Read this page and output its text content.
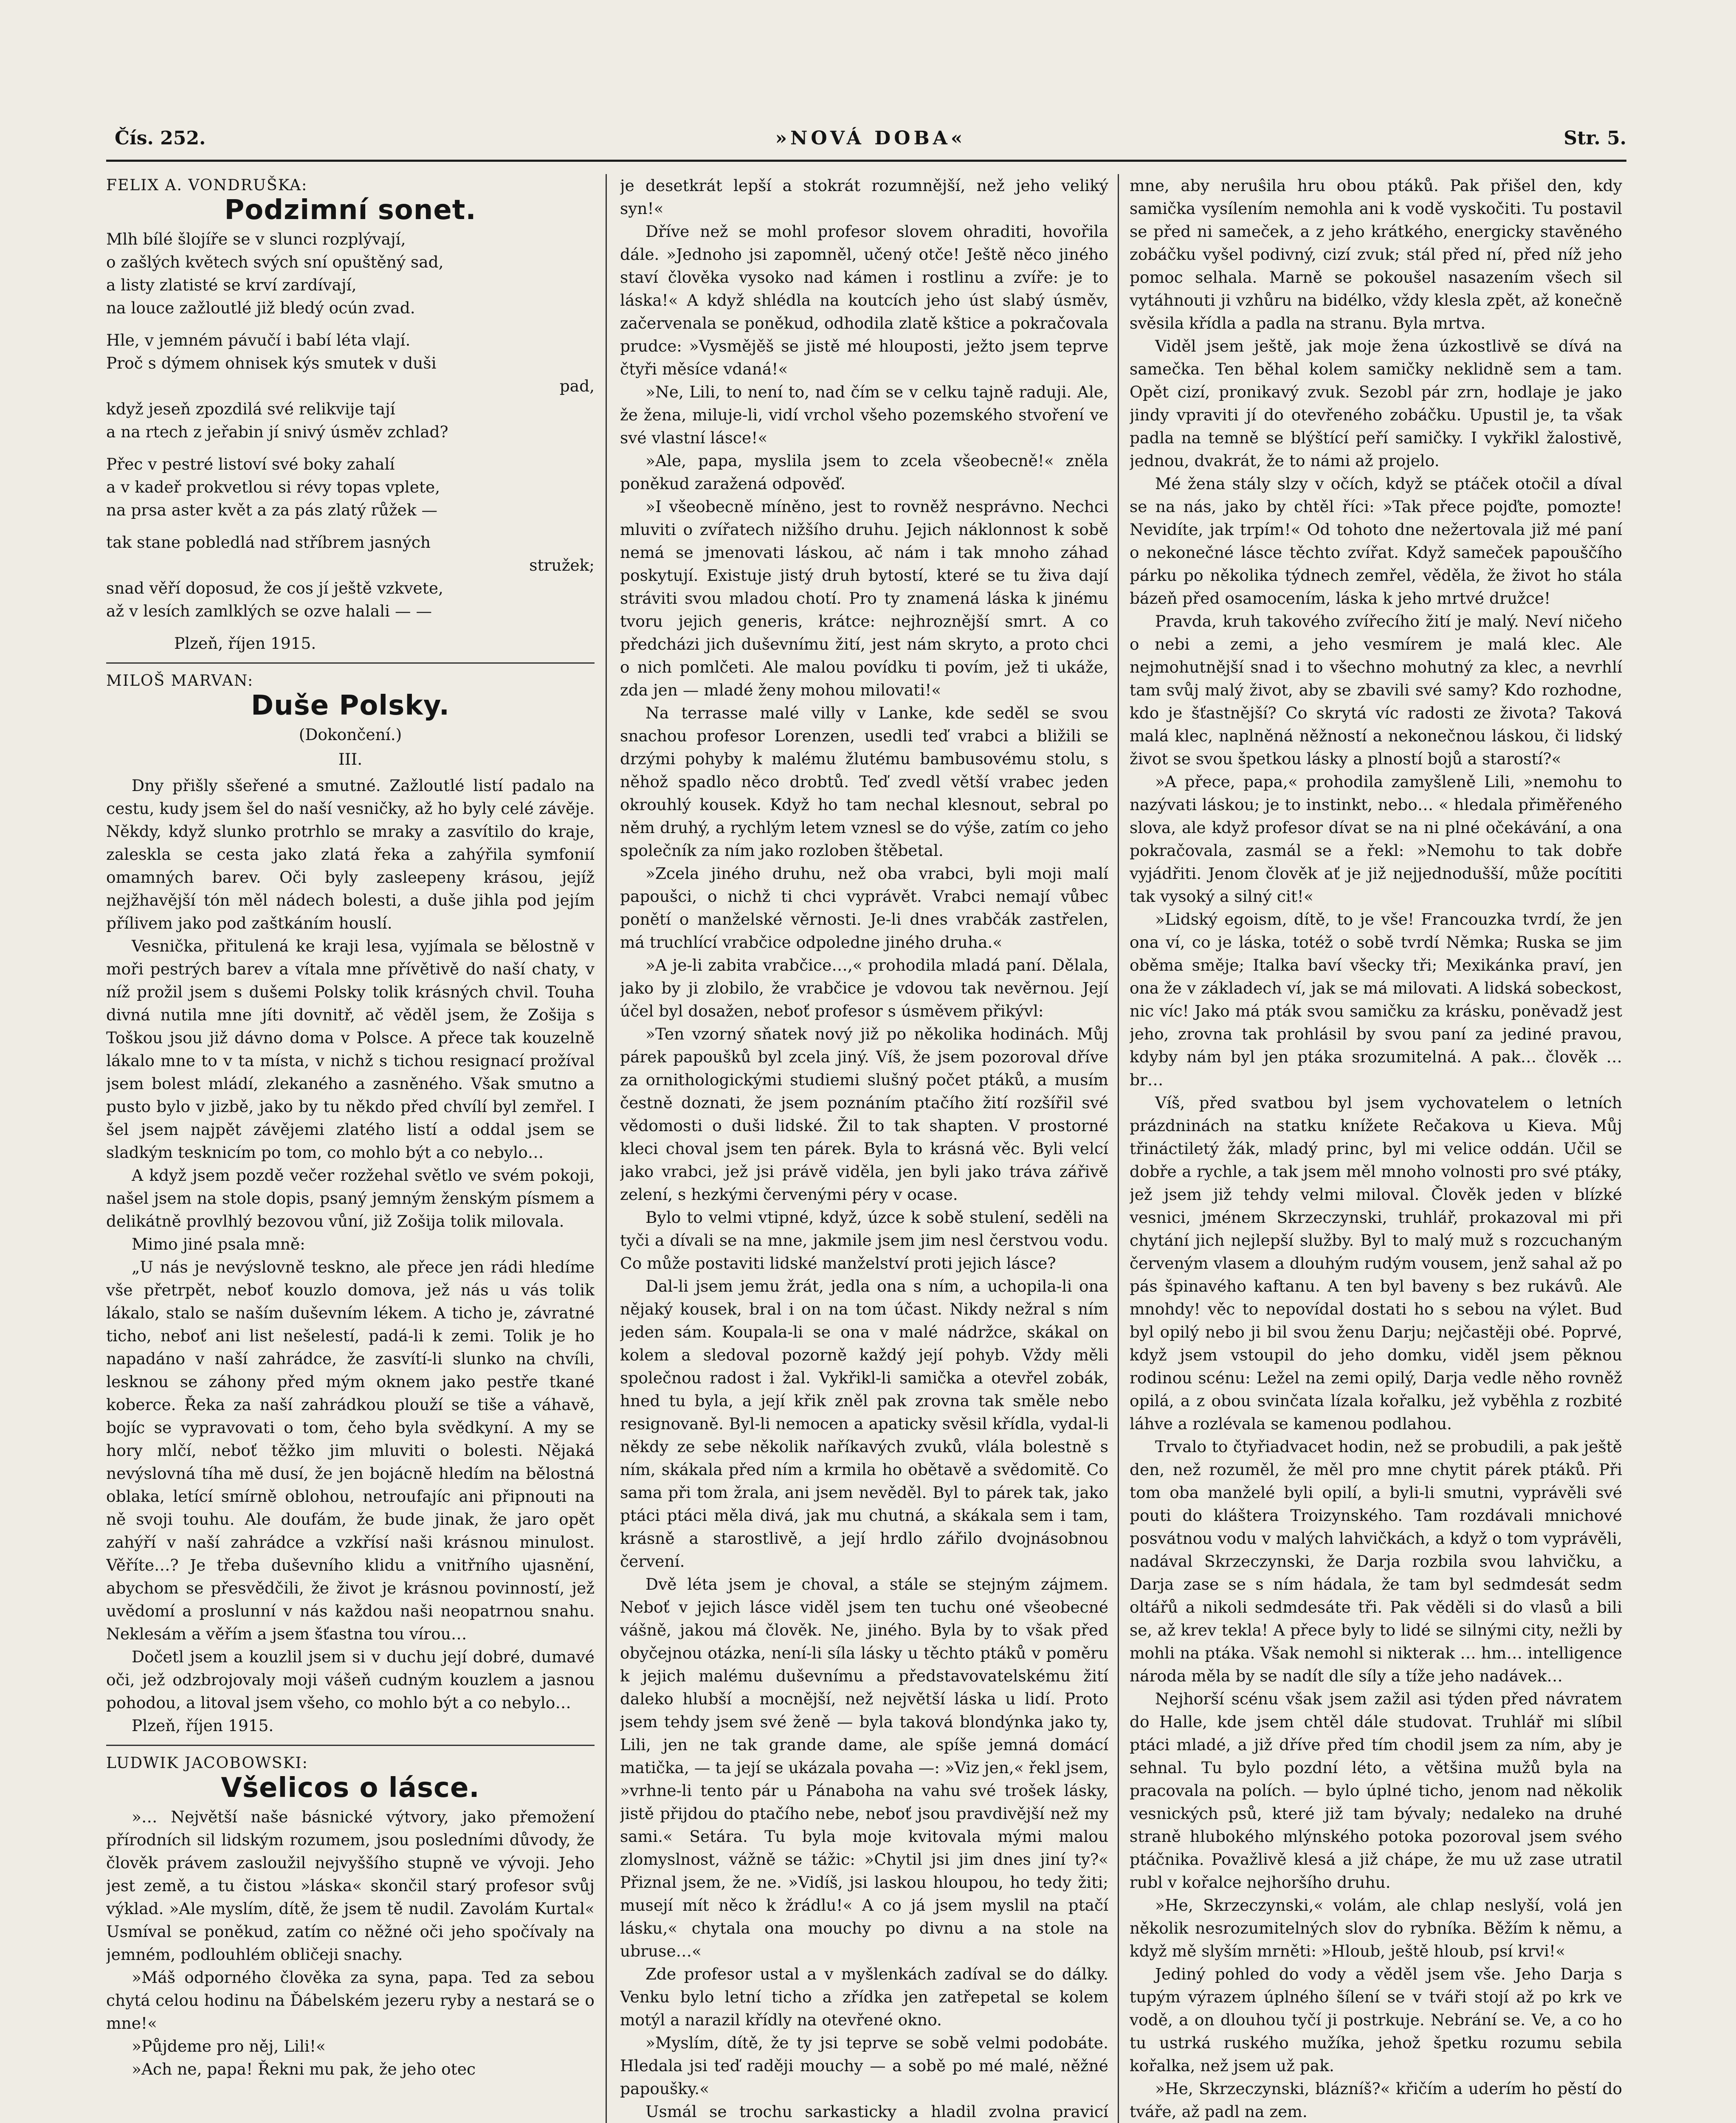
Čís. 252.	»NOVÁ DOBA«	Str. 5.

FELIX A. VONDRUŠKA:

Podzimní sonet.

Mlh bílé šlojíře se v slunci rozplývají,

o zašlých květech svých sní opuštěný sad,

a listy zlatisté se krví zardívají,

na louce zažloutlé již bledý ocún zvad.

Hle, v jemném pávučí i babí léta vlají.

Proč s dýmem ohnisek kýs smutek v duši

pad,

když jeseň zpozdilá své relikvije tají

a na rtech z jeřabin jí snivý úsměv zchlad?

Přec v pestré listoví své boky zahalí

a v kadeř prokvetlou si révy topas vplete,

na prsa aster květ a za pás zlatý růžek —

tak stane pobledlá nad stříbrem jasných

stružek;

snad věří doposud, že cos jí ještě vzkvete,

až v lesích zamlklých se ozve halali — —

Plzeň, říjen 1915.

MILOŠ MARVAN:

Duše Polsky.

(Dokončení.)

III.

Dny přišly sšeřené a smutné. Zažloutlé listí padalo na cestu, kudy jsem šel do naší vesničky, až ho byly celé závěje. Někdy, když slunko protrhlo se mraky a zasvítilo do kraje, zaleskla se cesta jako zlatá řeka a zahýřila symfonií omamných barev. Oči byly zasleepeny krásou, jejíž nejžhavější tón měl nádech bolesti, a duše jihla pod jejím přílivem jako pod zaštkáním houslí.

Vesnička, přitulená ke kraji lesa, vyjímala se bělostně v moři pestrých barev a vítala mne přívětivě do naší chaty, v níž prožil jsem s dušemi Polsky tolik krásných chvil. Touha divná nutila mne jíti dovnitř, ač věděl jsem, že Zošija s Toškou jsou již dávno doma v Polsce. A přece tak kouzelně lákalo mne to v ta místa, v nichž s tichou resignací prožíval jsem bolest mládí, zlekaného a zasněného. Však smutno a pusto bylo v jizbě, jako by tu někdo před chvílí byl zemřel. I šel jsem najpět závějemi zlatého listí a oddal jsem se sladkým tesknicím po tom, co mohlo být a co nebylo…

A když jsem pozdě večer rozžehal světlo ve svém pokoji, našel jsem na stole dopis, psaný jemným ženským písmem a delikátně provlhlý bezovou vůní, již Zošija tolik milovala.

Mimo jiné psala mně:

„U nás je nevýslovně teskno, ale přece jen rádi hledíme vše přetrpět, neboť kouzlo domova, jež nás u vás tolik lákalo, stalo se naším duševním lékem. A ticho je, závratné ticho, neboť ani list nešelestí, padá-li k zemi. Tolik je ho napadáno v naší zahrádce, že zasvítí-li slunko na chvíli, lesknou se záhony před mým oknem jako pestře tkané koberce. Řeka za naší zahrádkou plouží se tiše a váhavě, bojíc se vypravovati o tom, čeho byla svědkyní. A my se hory mlčí, neboť těžko jim mluviti o bolesti. Nějaká nevýslovná tíha mě dusí, že jen bojácně hledím na bělostná oblaka, letící smírně oblohou, netroufajíc ani připnouti na ně svoji touhu. Ale doufám, že bude jinak, že jaro opět zahýří v naší zahrádce a vzkřísí naši krásnou minulost. Věříte…? Je třeba duševního klidu a vnitřního ujasnění, abychom se přesvědčili, že život je krásnou povinností, jež uvědomí a proslunní v nás každou naši neopatrnou snahu. Neklesám a věřím a jsem šťastna tou vírou…

Dočetl jsem a kouzlil jsem si v duchu její dobré, dumavé oči, jež odzbrojovaly moji vášeň cudným kouzlem a jasnou pohodou, a litoval jsem všeho, co mohlo být a co nebylo…

Plzeň, říjen 1915.

LUDWIK JACOBOWSKI:

Všelicos o lásce.

»… Největší naše básnické výtvory, jako přemožení přírodních sil lidským rozumem, jsou posledními důvody, že člověk právem zasloužil nejvyššího stupně ve vývoji. Jeho jest země, a tu čistou »láska« skončil starý profesor svůj výklad. »Ale myslím, dítě, že jsem tě nudil. Zavolám Kurtal« Usmíval se poněkud, zatím co něžné oči jeho spočívaly na jemném, podlouhlém obličeji snachy.

»Máš odporného člověka za syna, papa. Ted za sebou chytá celou hodinu na Ďábelském jezeru ryby a nestará se o mne!«

»Půjdeme pro něj, Lili!«

»Ach ne, papa! Řekni mu pak, že jeho otec

je desetkrát lepší a stokrát rozumnější, než jeho veliký syn!«

Dříve než se mohl profesor slovem ohraditi, hovořila dále. »Jednoho jsi zapomněl, učený otče! Ještě něco jiného staví člověka vysoko nad kámen i rostlinu a zvíře: je to láska!« A když shlédla na koutcích jeho úst slabý úsměv, začervenala se poněkud, odhodila zlatě kštice a pokračovala prudce: »Vysmějěš se jistě mé hlouposti, ježto jsem teprve čtyři měsíce vdaná!«

»Ne, Lili, to není to, nad čím se v celku tajně raduji. Ale, že žena, miluje-li, vidí vrchol všeho pozemského stvoření ve své vlastní lásce!«

»Ale, papa, myslila jsem to zcela všeobecně!« zněla poněkud zaražená odpověď.

»I všeobecně míněno, jest to rovněž nesprávno. Nechci mluviti o zvířatech nižšího druhu. Jejich náklonnost k sobě nemá se jmenovati láskou, ač nám i tak mnoho záhad poskytují. Existuje jistý druh bytostí, které se tu živa dají stráviti svou mladou chotí. Pro ty znamená láska k jinému tvoru jejich generis, krátce: nejhroznější smrt. A co předcházi jich duševnímu žití, jest nám skryto, a proto chci o nich pomlčeti. Ale malou povídku ti povím, jež ti ukáže, zda jen — mladé ženy mohou milovati!«

Na terrasse malé villy v Lanke, kde seděl se svou snachou profesor Lorenzen, usedli teď vrabci a bližili se drzými pohyby k malému žlutému bambusovému stolu, s něhož spadlo něco drobtů. Teď zvedl větší vrabec jeden okrouhlý kousek. Když ho tam nechal klesnout, sebral po něm druhý, a rychlým letem vznesl se do výše, zatím co jeho společník za ním jako rozloben štěbetal.

»Zcela jiného druhu, než oba vrabci, byli moji malí papoušci, o nichž ti chci vyprávět. Vrabci nemají vůbec ponětí o manželské věrnosti. Je-li dnes vrabčák zastřelen, má truchlící vrabčice odpoledne jiného druha.«

»A je-li zabita vrabčice…,« prohodila mladá paní. Dělala, jako by ji zlobilo, že vrabčice je vdovou tak nevěrnou. Její účel byl dosažen, neboť profesor s úsměvem přikývl:

»Ten vzorný sňatek nový již po několika hodinách. Můj párek papoušků byl zcela jiný. Víš, že jsem pozoroval dříve za ornithologickými studiemi slušný počet ptáků, a musím čestně doznati, že jsem poznáním ptačího žití rozšířil své vědomosti o duši lidské. Žil to tak shapten. V prostorné kleci choval jsem ten párek. Byla to krásná věc. Byli velcí jako vrabci, jež jsi právě viděla, jen byli jako tráva zářivě zelení, s hezkými červenými péry v ocase.

Bylo to velmi vtipné, když, úzce k sobě stulení, seděli na tyči a dívali se na mne, jakmile jsem jim nesl čerstvou vodu. Co může postaviti lidské manželství proti jejich lásce?

Dal-li jsem jemu žrát, jedla ona s ním, a uchopila-li ona nějaký kousek, bral i on na tom účast. Nikdy nežral s ním jeden sám. Koupala-li se ona v malé nádržce, skákal on kolem a sledoval pozorně každý její pohyb. Vždy měli společnou radost i žal. Vykřikl-li samička a otevřel zobák, hned tu byla, a její křik zněl pak zrovna tak směle nebo resignovaně. Byl-li nemocen a apaticky svěsil křídla, vydal-li někdy ze sebe několik naříkavých zvuků, vlála bolestně s ním, skákala před ním a krmila ho obětavě a svědomitě. Co sama při tom žrala, ani jsem nevěděl. Byl to párek tak, jako ptáci ptáci měla divá, jak mu chutná, a skákala sem i tam, krásně a starostlivě, a její hrdlo zářilo dvojnásobnou červení.

Dvě léta jsem je choval, a stále se stejným zájmem. Neboť v jejich lásce viděl jsem ten tuchu oné všeobecné vášně, jakou má člověk. Ne, jiného. Byla by to však před obyčejnou otázka, není-li síla lásky u těchto ptáků v poměru k jejich malému duševnímu a představovatelskému žití daleko hlubší a mocnější, než největší láska u lidí. Proto jsem tehdy jsem své ženě — byla taková blondýnka jako ty, Lili, jen ne tak grande dame, ale spíše jemná domácí matička, — ta její se ukázala povaha —: »Viz jen,« řekl jsem, »vrhne-li tento pár u Pánaboha na vahu své trošek lásky, jistě přijdou do ptačího nebe, neboť jsou pravdivější než my sami.« Setára. Tu byla moje kvitovala mými malou zlomyslnost, vážně se tážic: »Chytil jsi jim dnes jiní ty?« Přiznal jsem, že ne. »Vidíš, jsi laskou hloupou, ho tedy žiti; musejí mít něco k žrádlu!« A co já jsem myslil na ptačí lásku,« chytala ona mouchy po divnu a na stole na ubruse…«

Zde profesor ustal a v myšlenkách zadíval se do dálky. Venku bylo letní ticho a zřídka jen zatřepetal se kolem motýl a narazil křídly na otevřené okno.

»Myslím, dítě, že ty jsi teprve se sobě velmi podobáte. Hledala jsi teď raději mouchy — a sobě po mé malé, něžné papoušky.«

Usmál se trochu sarkasticky a hladil zvolna pravicí

mne, aby neruŝila hru obou ptáků. Pak přišel den, kdy samička vysílením nemohla ani k vodě vyskočiti. Tu postavil se před ni sameček, a z jeho krátkého, energicky stavěného zobáčku vyšel podivný, cizí zvuk; stál před ní, před níž jeho pomoc selhala. Marně se pokoušel nasazením všech sil vytáhnouti ji vzhůru na bidélko, vždy klesla zpět, až konečně svěsila křídla a padla na stranu. Byla mrtva.

Viděl jsem ještě, jak moje žena úzkostlivě se dívá na samečka. Ten běhal kolem samičky neklidně sem a tam. Opět cizí, pronikavý zvuk. Sezobl pár zrn, hodlaje je jako jindy vpraviti jí do otevřeného zobáčku. Upustil je, ta však padla na temně se blýštící peří samičky. I vykřikl žalostivě, jednou, dvakrát, že to námi až projelo.

Mé žena stály slzy v očích, když se ptáček otočil a díval se na nás, jako by chtěl říci: »Tak přece pojďte, pomozte! Nevidíte, jak trpím!« Od tohoto dne nežertovala již mé paní o nekonečné lásce těchto zvířat. Když sameček papouščího párku po několika týdnech zemřel, věděla, že život ho stála bázeň před osamocením, láska k jeho mrtvé družce!

Pravda, kruh takového zvířecího žití je malý. Neví ničeho o nebi a zemi, a jeho vesmírem je malá klec. Ale nejmohutnější snad i to všechno mohutný za klec, a nevrhlí tam svůj malý život, aby se zbavili své samy? Kdo rozhodne, kdo je šťastnější? Co skrytá víc radosti ze života? Taková malá klec, naplněná něžností a nekonečnou láskou, či lidský život se svou špetkou lásky a plností bojů a starostí?«

»A přece, papa,« prohodila zamyšleně Lili, »nemohu to nazývati láskou; je to instinkt, nebo… « hledala přiměřeného slova, ale když profesor dívat se na ni plné očekávání, a ona pokračovala, zasmál se a řekl: »Nemohu to tak dobře vyjádřiti. Jenom člověk ať je již nejjednodušší, může pocítiti tak vysoký a silný cit!«

»Lidský egoism, dítě, to je vše! Francouzka tvrdí, že jen ona ví, co je láska, totéž o sobě tvrdí Němka; Ruska se jim oběma směje; Italka baví všecky tři; Mexikánka praví, jen ona že v základech ví, jak se má milovati. A lidská sobeckost, nic víc! Jako má pták svou samičku za krásku, poněvadž jest jeho, zrovna tak prohlásil by svou paní za jediné pravou, kdyby nám byl jen ptáka srozumitelná. A pak… člověk … br…

Víš, před svatbou byl jsem vychovatelem o letních prázdninách na statku knížete Rečakova u Kieva. Můj třináctiletý žák, mladý princ, byl mi velice oddán. Učil se dobře a rychle, a tak jsem měl mnoho volnosti pro své ptáky, jež jsem již tehdy velmi miloval. Člověk jeden v blízké vesnici, jménem Skrzeczynski, truhlář, prokazoval mi při chytání jich nejlepší služby. Byl to malý muž s rozcuchaným červeným vlasem a dlouhým rudým vousem, jenž sahal až po pás špinavého kaftanu. A ten byl baveny s bez rukávů. Ale mnohdy! věc to nepovídal dostati ho s sebou na výlet. Bud byl opilý nebo ji bil svou ženu Darju; nejčastěji obé. Poprvé, když jsem vstoupil do jeho domku, viděl jsem pěknou rodinou scénu: Ležel na zemi opilý, Darja vedle něho rovněž opilá, a z obou svinčata lízala kořalku, jež vyběhla z rozbité láhve a rozlévala se kamenou podlahou.

Trvalo to čtyřiadvacet hodin, než se probudili, a pak ještě den, než rozuměl, že měl pro mne chytit párek ptáků. Při tom oba manželé byli opilí, a byli-li smutni, vyprávěli své pouti do kláštera Troizynského. Tam rozdávali mnichové posvátnou vodu v malých lahvičkách, a když o tom vyprávěli, nadával Skrzeczynski, že Darja rozbila svou lahvičku, a Darja zase se s ním hádala, že tam byl sedmdesát sedm oltářů a nikoli sedmdesáte tři. Pak věděli si do vlasů a bili se, až krev tekla! A přece byly to lidé se silnými city, nežli by mohli na ptáka. Však nemohl si nikterak … hm… intelligence národa měla by se nadít dle síly a tíže jeho nadávek…

Nejhorší scénu však jsem zažil asi týden před návratem do Halle, kde jsem chtěl dále studovat. Truhlář mi slíbil ptáci mladé, a již dříve před tím chodil jsem za ním, aby je sehnal. Tu bylo pozdní léto, a většina mužů byla na pracovala na polích. — bylo úplné ticho, jenom nad několik vesnických psů, které již tam bývaly; nedaleko na druhé straně hlubokého mlýnského potoka pozoroval jsem svého ptáčnika. Považlivě klesá a již chápe, že mu už zase utratil rubl v kořalce nejhoršího druhu.

»He, Skrzeczynski,« volám, ale chlap neslyší, volá jen několik nesrozumitelných slov do rybníka. Běžím k němu, a když mě slyším mrněti: »Hloub, ještě hloub, psí krvi!«

Jediný pohled do vody a věděl jsem vše. Jeho Darja s tupým výrazem úplného šílení se v tváři stojí až po krk ve vodě, a on dlouhou tyčí ji postrkuje. Nebrání se. Ve, a co ho tu ustrká ruského mužíka, jehož špetku rozumu sebila kořalka, než jsem už pak.

»He, Skrzeczynski, blázníš?« křičím a uderím ho pěstí do tváře, až padl na zem.
